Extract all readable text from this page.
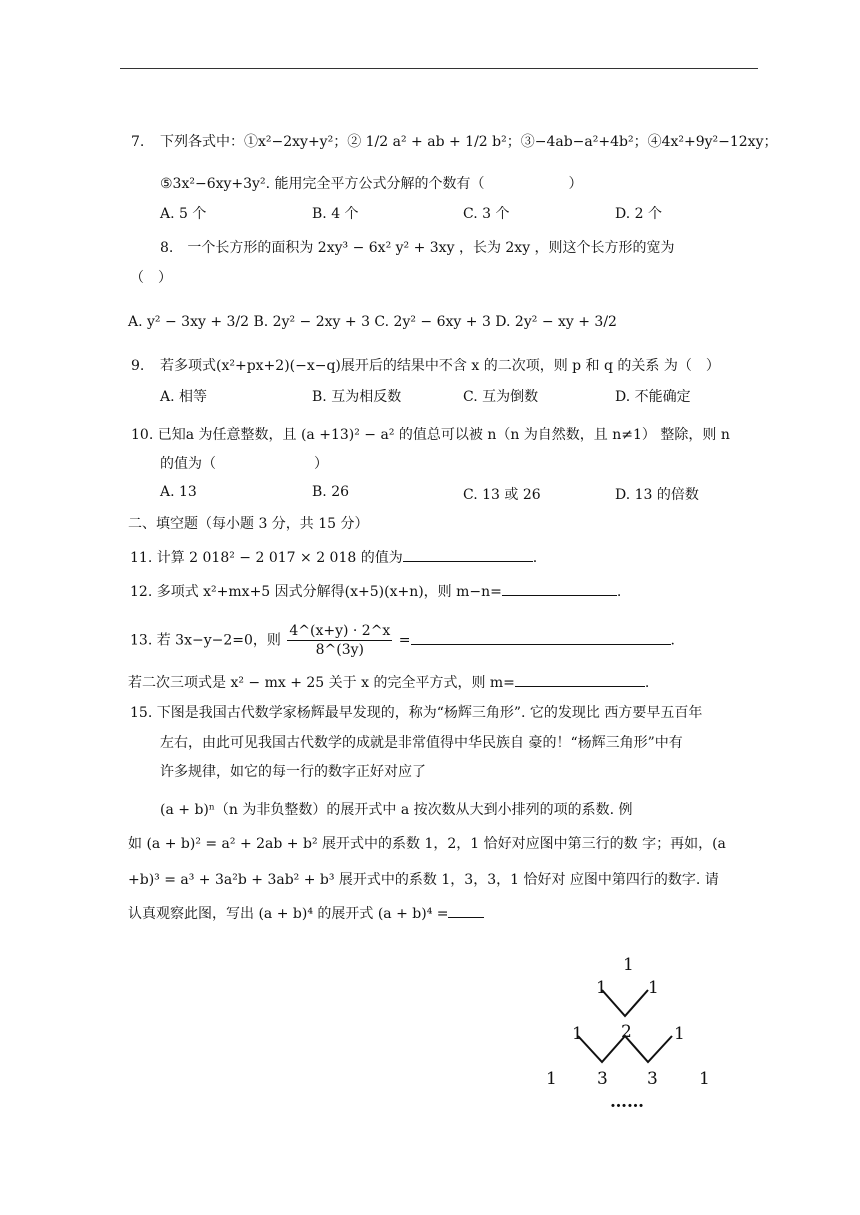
7. 下列各式中：①x²−2xy+y²；② 1/2 a² + ab + 1/2 b²；③−4ab−a²+4b²；④4x²+9y²−12xy；
⑤3x²−6xy+3y². 能用完全平方公式分解的个数有（　　　　　　）
A. 5 个	B. 4 个	C. 3 个	D. 2 个
8.　一个长方形的面积为 2xy³ − 6x² y² + 3xy ，长为 2xy ，则这个长方形的宽为
（　）
A. y² − 3xy + 3/2 B. 2y² − 2xy + 3 C. 2y² − 6xy + 3 D. 2y² − xy + 3/2
9. 若多项式(x²+px+2)(−x−q)展开后的结果中不含 x 的二次项，则 p 和 q 的关系 为（　）
A. 相等	B. 互为相反数	C. 互为倒数	D. 不能确定
10. 已知a 为任意整数，且 (a +13)² − a² 的值总可以被 n（n 为自然数，且 n≠1） 整除，则 n
的值为（　　　　　　　）
A. 13	B. 26	C. 13 或 26	D. 13 的倍数
二、填空题（每小题 3 分，共 15 分）
11. 计算 2 018² − 2 017 × 2 018 的值为	.
12. 多项式 x²+mx+5 因式分解得(x+5)(x+n)，则 m−n=	.
13. 若 3x−y−2=0，则 $\frac{4\^{}(x+y) \cdot 2\^{}x}{8\^{}(3y)}$ =	.
若二次三项式是 x² − mx + 25 关于 x 的完全平方式，则 m=	.
15. 下图是我国古代数学家杨辉最早发现的，称为“杨辉三角形”. 它的发现比 西方要早五百年
左右，由此可见我国古代数学的成就是非常值得中华民族自 豪的！“杨辉三角形”中有
许多规律，如它的每一行的数字正好对应了
(a + b)ⁿ（n 为非负整数）的展开式中 a 按次数从大到小排列的项的系数. 例
如 (a + b)² = a² + 2ab + b² 展开式中的系数 1，2，1 恰好对应图中第三行的数 字；再如，(a
+b)³ = a³ + 3a²b + 3ab² + b³ 展开式中的系数 1，3，3，1 恰好对 应图中第四行的数字. 请
认真观察此图，写出 (a + b)⁴ 的展开式 (a + b)⁴ =
1
1 1
1 2 1
1 3 3 1
……
